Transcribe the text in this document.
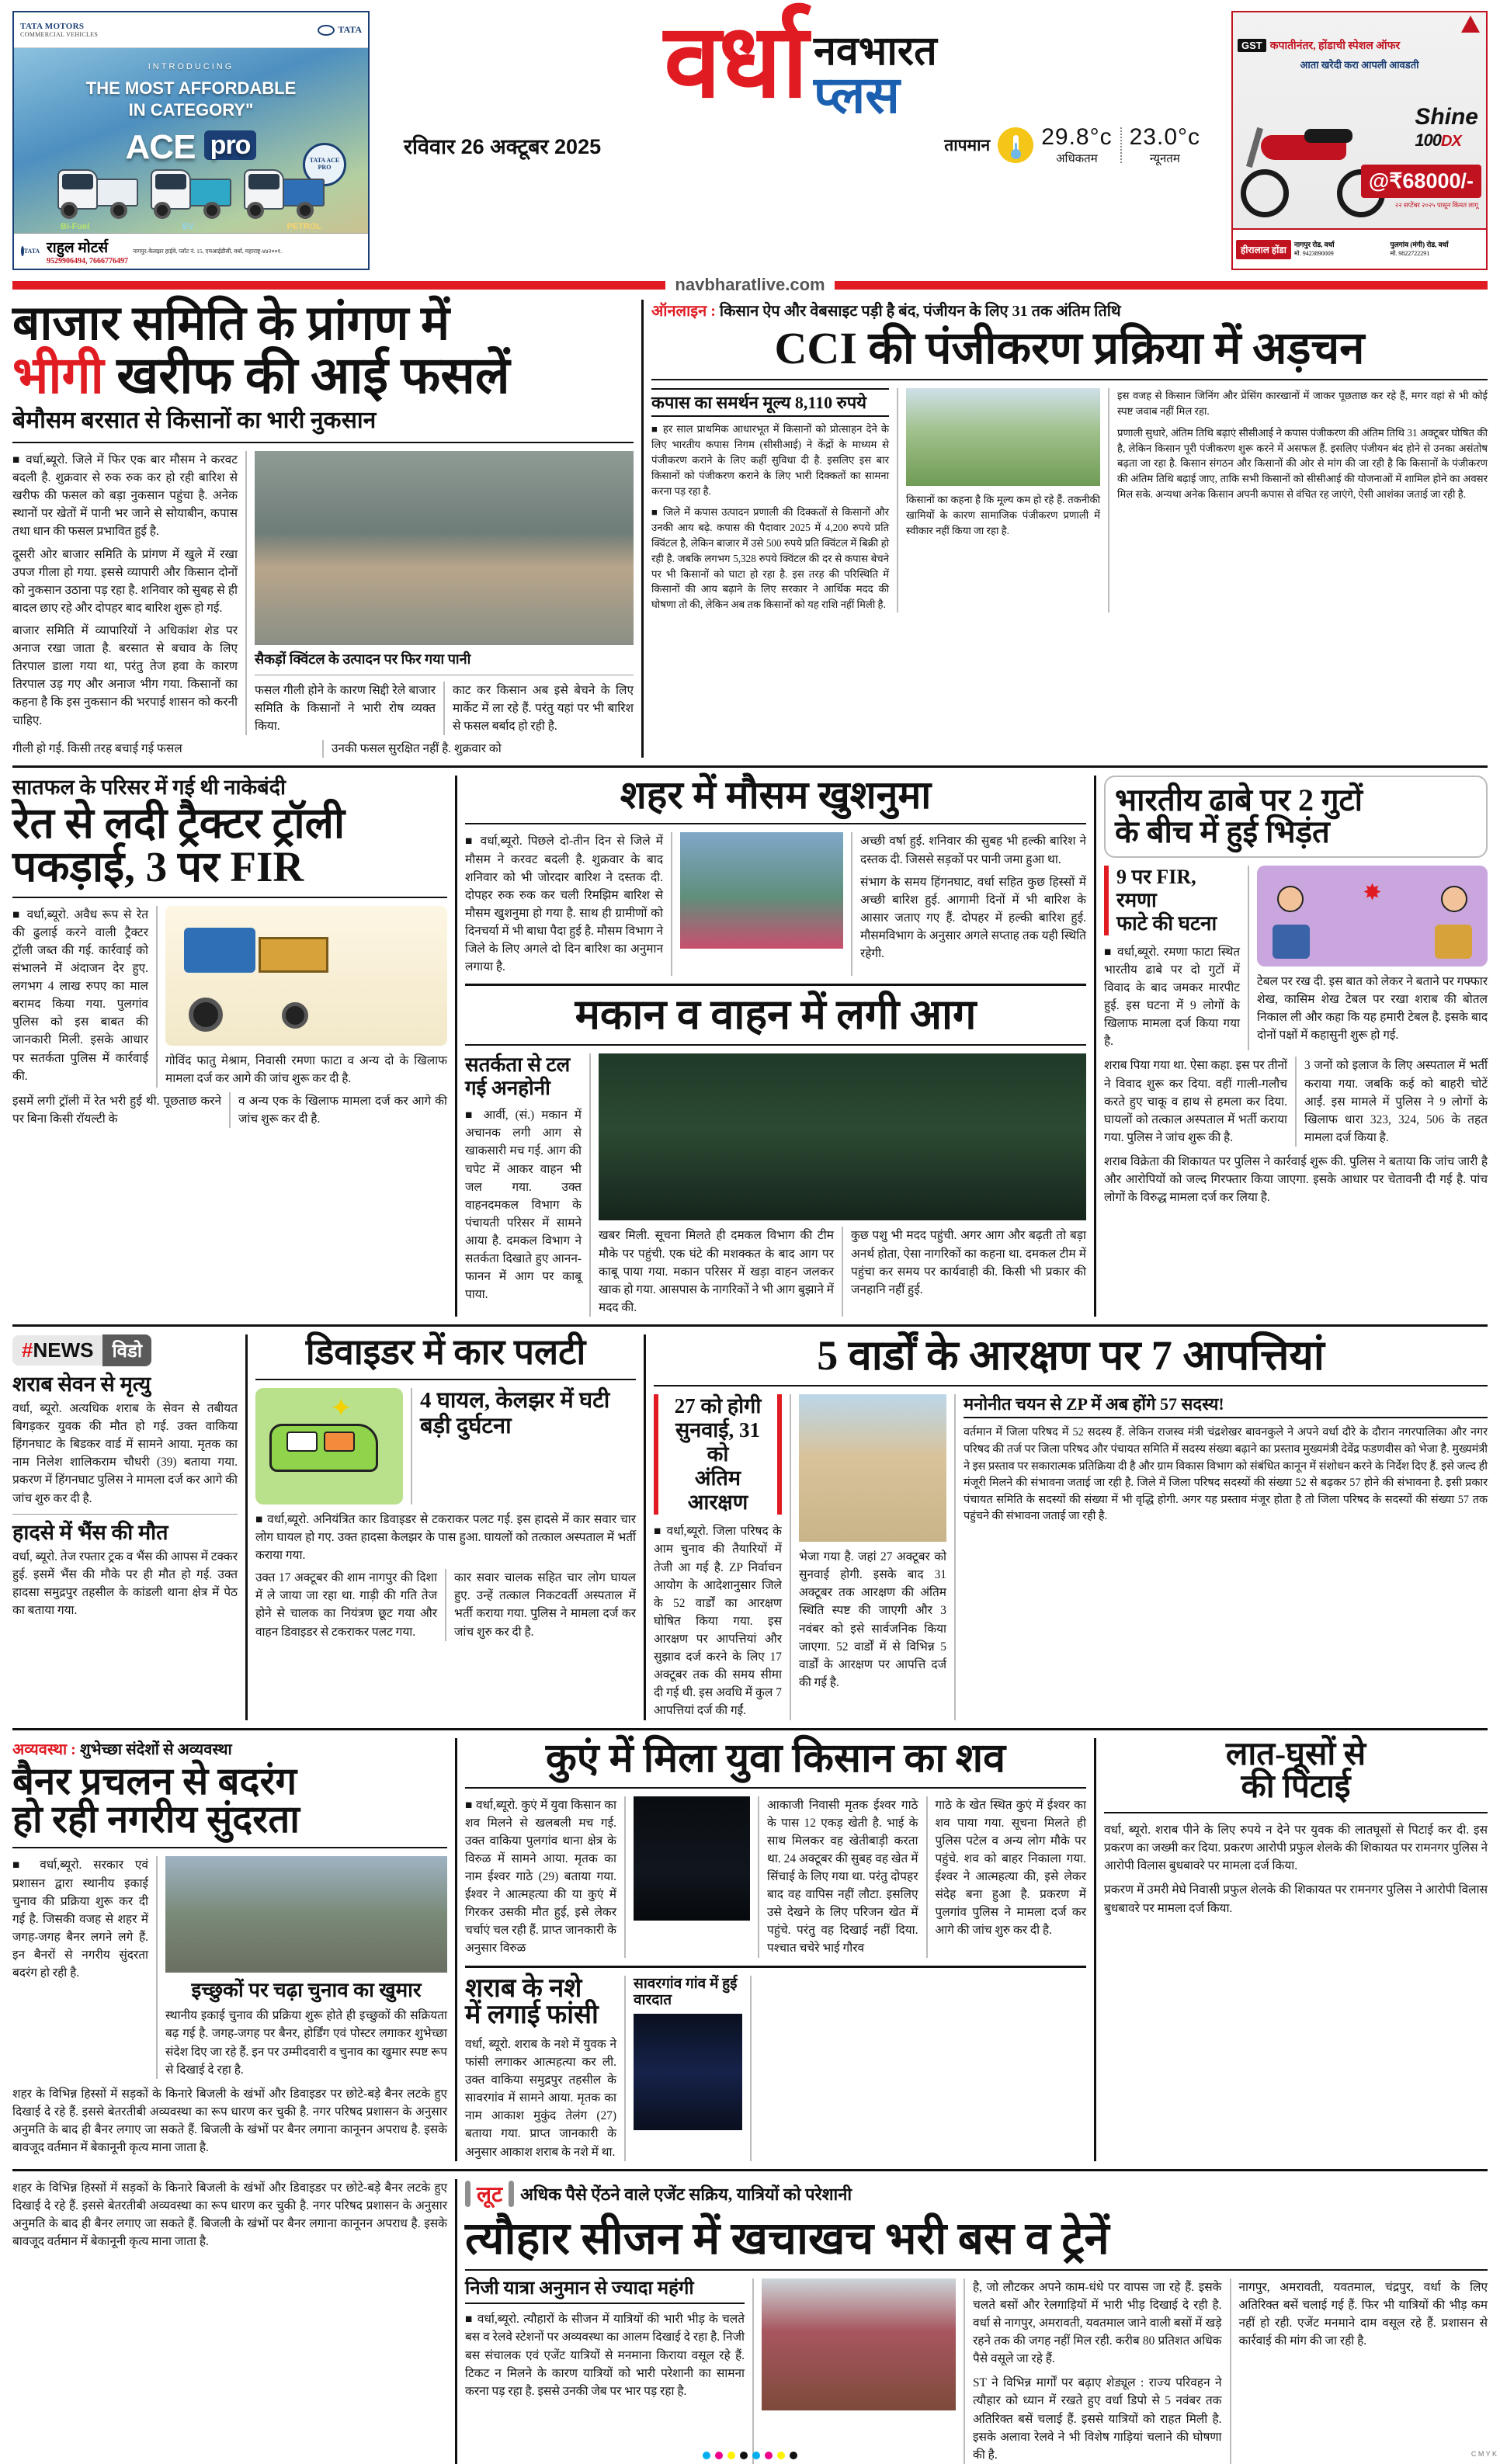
TATA MOTORS
COMMERCIAL VEHICLES	TATA
INTRODUCING
THE MOST AFFORDABLE
IN CATEGORY"
ACE pro
TATA ACE PRO
Bi-Fuel	EV	PETROL
TATA राहुल मोटर्स
9529906494, 7666776497
नागपुर-केलझर हाईवे, प्लॉट नं. 15, एमआईडीसी, वर्धा, महाराष्ट्र-४४२००१.
वर्धा नवभारत
प्लस
रविवार 26 अक्टूबर 2025	तापमान 29.8°c
अधिकतम
23.0°c
न्यूनतम
GST कपातीनंतर, होंडाची स्पेशल ऑफर
आता खरेदी करा आपली आवडती
Shine
100DX
@₹68000/-
२२ सप्टेंबर २०२५ पासून किंमत लागू
हीरालाल होंडा	नागपुर रोड, वर्धा
मो. 9423890009
पुलगांव (मंगी) रोड, वर्धा
मो. 9822722291
navbharatlive.com
बाजार समिति के प्रांगण में
भीगी खरीफ की आई फसलें
बेमौसम बरसात से किसानों का भारी नुकसान
■ वर्धा,ब्यूरो. जिले में फिर एक बार मौसम ने करवट बदली है. शुक्रवार से रुक रुक कर हो रही बारिश से खरीफ की फसल को बड़ा नुकसान पहुंचा है. अनेक स्थानों पर खेतों में पानी भर जाने से सोयाबीन, कपास तथा धान की फसल प्रभावित हुई है.
दूसरी ओर बाजार समिति के प्रांगण में खुले में रखा उपज गीला हो गया. इससे व्यापारी और किसान दोनों को नुकसान उठाना पड़ रहा है. शनिवार को सुबह से ही बादल छाए रहे और दोपहर बाद बारिश शुरू हो गई.
बाजार समिति में व्यापारियों ने अधिकांश शेड पर अनाज रखा जाता है. बरसात से बचाव के लिए तिरपाल डाला गया था, परंतु तेज हवा के कारण तिरपाल उड़ गए और अनाज भीग गया. किसानों का कहना है कि इस नुकसान की भरपाई शासन को करनी चाहिए.
सैकड़ों क्विंटल के उत्पादन पर फिर गया पानी
फसल गीली होने के कारण सिद्दी रेले बाजार समिति के किसानों ने भारी रोष व्यक्त किया.
काट कर किसान अब इसे बेचने के लिए मार्केट में ला रहे हैं. परंतु यहां पर भी बारिश से फसल बर्बाद हो रही है.
गीली हो गई. किसी तरह बचाई गई फसल	उनकी फसल सुरक्षित नहीं है. शुक्रवार को
ऑनलाइन : किसान ऐप और वेबसाइट पड़ी है बंद, पंजीयन के लिए 31 तक अंतिम तिथि
CCI की पंजीकरण प्रक्रिया में अड़चन
कपास का समर्थन मूल्य 8,110 रुपये
■ हर साल प्राथमिक आधारभूत में किसानों को प्रोत्साहन देने के लिए भारतीय कपास निगम (सीसीआई) ने केंद्रों के माध्यम से पंजीकरण कराने के लिए कहीं सुविधा दी है. इसलिए इस बार किसानों को पंजीकरण कराने के लिए भारी दिक्कतों का सामना करना पड़ रहा है.
■ जिले में कपास उत्पादन प्रणाली की दिक्कतों से किसानों और उनकी आय बढ़े. कपास की पैदावार 2025 में 4,200 रुपये प्रति क्विंटल है, लेकिन बाजार में उसे 500 रुपये प्रति क्विंटल में बिक्री हो रही है. जबकि लगभग 5,328 रुपये क्विंटल की दर से कपास बेचने पर भी किसानों को घाटा हो रहा है. इस तरह की परिस्थिति में किसानों की आय बढ़ाने के लिए सरकार ने आर्थिक मदद की घोषणा तो की, लेकिन अब तक किसानों को यह राशि नहीं मिली है.
किसानों का कहना है कि मूल्य कम हो रहे हैं. तकनीकी खामियों के कारण सामाजिक पंजीकरण प्रणाली में स्वीकार नहीं किया जा रहा है.
इस वजह से किसान जिनिंग और प्रेसिंग कारखानों में जाकर पूछताछ कर रहे हैं, मगर वहां से भी कोई स्पष्ट जवाब नहीं मिल रहा.
प्रणाली सुधारे, अंतिम तिथि बढ़ाएं सीसीआई ने कपास पंजीकरण की अंतिम तिथि 31 अक्टूबर घोषित की है, लेकिन किसान पूरी पंजीकरण शुरू करने में असफल हैं. इसलिए पंजीयन बंद होने से उनका असंतोष बढ़ता जा रहा है. किसान संगठन और किसानों की ओर से मांग की जा रही है कि किसानों के पंजीकरण की अंतिम तिथि बढ़ाई जाए, ताकि सभी किसानों को सीसीआई की योजनाओं में शामिल होने का अवसर मिल सके. अन्यथा अनेक किसान अपनी कपास से वंचित रह जाएंगे, ऐसी आशंका जताई जा रही है.
सातफल के परिसर में गई थी नाकेबंदी
रेत से लदी ट्रैक्टर ट्रॉली
पकड़ाई, 3 पर FIR
■ वर्धा,ब्यूरो. अवैध रूप से रेत की ढुलाई करने वाली ट्रैक्टर ट्रॉली जब्त की गई. कार्रवाई को संभालने में अंदाजन देर हुए. लगभग 4 लाख रुपए का माल बरामद किया गया. पुलगांव पुलिस को इस बाबत की जानकारी मिली. इसके आधार पर सतर्कता पुलिस में कार्रवाई की.
गोविंद फातु मेश्राम, निवासी रमणा फाटा व अन्य दो के खिलाफ मामला दर्ज कर आगे की जांच शुरू कर दी है.
इसमें लगी ट्रॉली में रेत भरी हुई थी. पूछताछ करने पर बिना किसी रॉयल्टी के
व अन्य एक के खिलाफ मामला दर्ज कर आगे की जांच शुरू कर दी है.
शहर में मौसम खुशनुमा
■ वर्धा,ब्यूरो. पिछले दो-तीन दिन से जिले में मौसम ने करवट बदली है. शुक्रवार के बाद शनिवार को भी जोरदार बारिश ने दस्तक दी. दोपहर रुक रुक कर चली रिमझिम बारिश से मौसम खुशनुमा हो गया है. साथ ही ग्रामीणों को दिनचर्या में भी बाधा पैदा हुई है. मौसम विभाग ने जिले के लिए अगले दो दिन बारिश का अनुमान लगाया है.
अच्छी वर्षा हुई. शनिवार की सुबह भी हल्की बारिश ने दस्तक दी. जिससे सड़कों पर पानी जमा हुआ था.
संभाग के समय हिंगनघाट, वर्धा सहित कुछ हिस्सों में अच्छी बारिश हुई. आगामी दिनों में भी बारिश के आसार जताए गए हैं. दोपहर में हल्की बारिश हुई. मौसमविभाग के अनुसार अगले सप्ताह तक यही स्थिति रहेगी.
मकान व वाहन में लगी आग
सतर्कता से टल गई अनहोनी
■ आर्वी, (सं.) मकान में अचानक लगी आग से खाकसारी मच गई. आग की चपेट में आकर वाहन भी जल गया. उक्त वाहनदमकल विभाग के पंचायती परिसर में सामने आया है. दमकल विभाग ने सतर्कता दिखाते हुए आनन-फानन में आग पर काबू पाया.
खबर मिली. सूचना मिलते ही दमकल विभाग की टीम मौके पर पहुंची. एक घंटे की मशक्कत के बाद आग पर काबू पाया गया. मकान परिसर में खड़ा वाहन जलकर खाक हो गया. आसपास के नागरिकों ने भी आग बुझाने में मदद की.
कुछ पशु भी मदद पहुंची. अगर आग और बढ़ती तो बड़ा अनर्थ होता, ऐसा नागरिकों का कहना था. दमकल टीम में पहुंचा कर समय पर कार्यवाही की. किसी भी प्रकार की जनहानि नहीं हुई.
भारतीय ढाबे पर 2 गुटों
के बीच में हुई भिड़ंत
9 पर FIR, रमणा
फाटे की घटना
■ वर्धा,ब्यूरो. रमणा फाटा स्थित भारतीय ढाबे पर दो गुटों में विवाद के बाद जमकर मारपीट हुई. इस घटना में 9 लोगों के खिलाफ मामला दर्ज किया गया है.
✸
टेबल पर रख दी. इस बात को लेकर ने बताने पर गफ्फार शेख, कासिम शेख टेबल पर रखा शराब की बोतल निकाल ली और कहा कि यह हमारी टेबल है. इसके बाद दोनों पक्षों में कहासुनी शुरू हो गई.
शराब पिया गया था. ऐसा कहा. इस पर तीनों ने विवाद शुरू कर दिया. वहीं गाली-गलौच करते हुए चाकू व हाथ से हमला कर दिया. घायलों को तत्काल अस्पताल में भर्ती कराया गया. पुलिस ने जांच शुरू की है.
3 जनों को इलाज के लिए अस्पताल में भर्ती कराया गया. जबकि कई को बाहरी चोटें आईं. इस मामले में पुलिस ने 9 लोगों के खिलाफ धारा 323, 324, 506 के तहत मामला दर्ज किया है.
शराब विक्रेता की शिकायत पर पुलिस ने कार्रवाई शुरू की. पुलिस ने बताया कि जांच जारी है और आरोपियों को जल्द गिरफ्तार किया जाएगा. इसके आधार पर चेतावनी दी गई है. पांच लोगों के विरुद्ध मामला दर्ज कर लिया है.
#NEWS	विडो
शराब सेवन से मृत्यु
वर्धा, ब्यूरो. अत्यधिक शराब के सेवन से तबीयत बिगड़कर युवक की मौत हो गई. उक्त वाकिया हिंगनघाट के बिडकर वार्ड में सामने आया. मृतक का नाम निलेश शालिकराम चौधरी (39) बताया गया. प्रकरण में हिंगनघाट पुलिस ने मामला दर्ज कर आगे की जांच शुरु कर दी है.
हादसे में भैंस की मौत
वर्धा, ब्यूरो. तेज रफ्तार ट्रक व भैंस की आपस में टक्कर हुई. इसमें भैंस की मौके पर ही मौत हो गई. उक्त हादसा समुद्रपुर तहसील के कांडली थाना क्षेत्र में पेठ का बताया गया.
डिवाइडर में कार पलटी
✦	4 घायल, केलझर में घटी बड़ी दुर्घटना
■ वर्धा,ब्यूरो. अनियंत्रित कार डिवाइडर से टकराकर पलट गई. इस हादसे में कार सवार चार लोग घायल हो गए. उक्त हादसा केलझर के पास हुआ. घायलों को तत्काल अस्पताल में भर्ती कराया गया.
उक्त 17 अक्टूबर की शाम नागपुर की दिशा में ले जाया जा रहा था. गाड़ी की गति तेज होने से चालक का नियंत्रण छूट गया और वाहन डिवाइडर से टकराकर पलट गया.
कार सवार चालक सहित चार लोग घायल हुए. उन्हें तत्काल निकटवर्ती अस्पताल में भर्ती कराया गया. पुलिस ने मामला दर्ज कर जांच शुरु कर दी है.
5 वार्डों के आरक्षण पर 7 आपत्तियां
27 को होगी
सुनवाई, 31 को
अंतिम आरक्षण
■ वर्धा,ब्यूरो. जिला परिषद के आम चुनाव की तैयारियों में तेजी आ गई है. ZP निर्वाचन आयोग के आदेशानुसार जिले के 52 वार्डों का आरक्षण घोषित किया गया. इस आरक्षण पर आपत्तियां और सुझाव दर्ज करने के लिए 17 अक्टूबर तक की समय सीमा दी गई थी. इस अवधि में कुल 7 आपत्तियां दर्ज की गईं.
भेजा गया है. जहां 27 अक्टूबर को सुनवाई होगी. इसके बाद 31 अक्टूबर तक आरक्षण की अंतिम स्थिति स्पष्ट की जाएगी और 3 नवंबर को इसे सार्वजनिक किया जाएगा. 52 वार्डों में से विभिन्न 5 वार्डों के आरक्षण पर आपत्ति दर्ज की गई है.
मनोनीत चयन से ZP में अब होंगे 57 सदस्य!
वर्तमान में जिला परिषद में 52 सदस्य हैं. लेकिन राजस्व मंत्री चंद्रशेखर बावनकुले ने अपने वर्धा दौरे के दौरान नगरपालिका और नगर परिषद की तर्ज पर जिला परिषद और पंचायत समिति में सदस्य संख्या बढ़ाने का प्रस्ताव मुख्यमंत्री देवेंद्र फडणवीस को भेजा है. मुख्यमंत्री ने इस प्रस्ताव पर सकारात्मक प्रतिक्रिया दी है और ग्राम विकास विभाग को संबंधित कानून में संशोधन करने के निर्देश दिए हैं. इसे जल्द ही मंजूरी मिलने की संभावना जताई जा रही है. जिले में जिला परिषद सदस्यों की संख्या 52 से बढ़कर 57 होने की संभावना है. इसी प्रकार पंचायत समिति के सदस्यों की संख्या में भी वृद्धि होगी. अगर यह प्रस्ताव मंजूर होता है तो जिला परिषद के सदस्यों की संख्या 57 तक पहुंचने की संभावना जताई जा रही है.
अव्यवस्था : शुभेच्छा संदेशों से अव्यवस्था
बैनर प्रचलन से बदरंग
हो रही नगरीय सुंदरता
■ वर्धा,ब्यूरो. सरकार एवं प्रशासन द्वारा स्थानीय इकाई चुनाव की प्रक्रिया शुरू कर दी गई है. जिसकी वजह से शहर में जगह-जगह बैनर लगने लगे हैं. इन बैनरों से नगरीय सुंदरता बदरंग हो रही है.
इच्छुकों पर चढ़ा चुनाव का खुमार
स्थानीय इकाई चुनाव की प्रक्रिया शुरू होते ही इच्छुकों की सक्रियता बढ़ गई है. जगह-जगह पर बैनर, होर्डिंग एवं पोस्टर लगाकर शुभेच्छा संदेश दिए जा रहे हैं. इन पर उम्मीदवारी व चुनाव का खुमार स्पष्ट रूप से दिखाई दे रहा है.
शहर के विभिन्न हिस्सों में सड़कों के किनारे बिजली के खंभों और डिवाइडर पर छोटे-बड़े बैनर लटके हुए दिखाई दे रहे हैं. इससे बेतरतीबी अव्यवस्था का रूप धारण कर चुकी है. नगर परिषद प्रशासन के अनुसार अनुमति के बाद ही बैनर लगाए जा सकते हैं. बिजली के खंभों पर बैनर लगाना कानूनन अपराध है. इसके बावजूद वर्तमान में बेकानूनी कृत्य माना जाता है.
कुएं में मिला युवा किसान का शव
■ वर्धा,ब्यूरो. कुएं में युवा किसान का शव मिलने से खलबली मच गई. उक्त वाकिया पुलगांव थाना क्षेत्र के विरुळ में सामने आया. मृतक का नाम ईश्वर गाठे (29) बताया गया. ईश्वर ने आत्महत्या की या कुएं में गिरकर उसकी मौत हुई, इसे लेकर चर्चाएं चल रही हैं. प्राप्त जानकारी के अनुसार विरुळ
आकाजी निवासी मृतक ईश्वर गाठे के पास 12 एकड़ खेती है. भाई के साथ मिलकर वह खेतीबाड़ी करता था. 24 अक्टूबर की सुबह वह खेत में सिंचाई के लिए गया था. परंतु दोपहर बाद वह वापिस नहीं लौटा. इसलिए उसे देखने के लिए परिजन खेत में पहुंचे. परंतु वह दिखाई नहीं दिया. पश्चात चचेरे भाई गौरव
गाठे के खेत स्थित कुएं में ईश्वर का शव पाया गया. सूचना मिलते ही पुलिस पटेल व अन्य लोग मौके पर पहुंचे. शव को बाहर निकाला गया. ईश्वर ने आत्महत्या की, इसे लेकर संदेह बना हुआ है. प्रकरण में पुलगांव पुलिस ने मामला दर्ज कर आगे की जांच शुरु कर दी है.
शराब के नशे
में लगाई फांसी
वर्धा, ब्यूरो. शराब के नशे में युवक ने फांसी लगाकर आत्महत्या कर ली. उक्त वाकिया समुद्रपुर तहसील के सावरगांव में सामने आया. मृतक का नाम आकाश मुकुंद तेलंग (27) बताया गया. प्राप्त जानकारी के अनुसार आकाश शराब के नशे में था.
सावरगांव गांव में हुई वारदात
लात-घूसों से
की पिटाई
वर्धा, ब्यूरो. शराब पीने के लिए रुपये न देने पर युवक की लातघूसों से पिटाई कर दी. इस प्रकरण का जख्मी कर दिया. प्रकरण आरोपी प्रफुल शेलके की शिकायत पर रामनगर पुलिस ने आरोपी विलास बुधबावरे पर मामला दर्ज किया.
प्रकरण में उमरी मेघे निवासी प्रफुल शेलके की शिकायत पर रामनगर पुलिस ने आरोपी विलास बुधबावरे पर मामला दर्ज किया.
शहर के विभिन्न हिस्सों में सड़कों के किनारे बिजली के खंभों और डिवाइडर पर छोटे-बड़े बैनर लटके हुए दिखाई दे रहे हैं. इससे बेतरतीबी अव्यवस्था का रूप धारण कर चुकी है. नगर परिषद प्रशासन के अनुसार अनुमति के बाद ही बैनर लगाए जा सकते हैं. बिजली के खंभों पर बैनर लगाना कानूनन अपराध है. इसके बावजूद वर्तमान में बेकानूनी कृत्य माना जाता है.
लूट अधिक पैसे ऐंठने वाले एजेंट सक्रिय, यात्रियों को परेशानी
त्यौहार सीजन में खचाखच भरी बस व ट्रेनें
निजी यात्रा अनुमान से ज्यादा महंगी
■ वर्धा,ब्यूरो. त्यौहारों के सीजन में यात्रियों की भारी भीड़ के चलते बस व रेलवे स्टेशनों पर अव्यवस्था का आलम दिखाई दे रहा है. निजी बस संचालक एवं एजेंट यात्रियों से मनमाना किराया वसूल रहे हैं. टिकट न मिलने के कारण यात्रियों को भारी परेशानी का सामना करना पड़ रहा है. इससे उनकी जेब पर भार पड़ रहा है.
है, जो लौटकर अपने काम-धंधे पर वापस जा रहे हैं. इसके चलते बसों और रेलगाड़ियों में भारी भीड़ दिखाई दे रही है. वर्धा से नागपुर, अमरावती, यवतमाल जाने वाली बसों में खड़े रहने तक की जगह नहीं मिल रही. करीब 80 प्रतिशत अधिक पैसे वसूले जा रहे हैं.
ST ने विभिन्न मार्गों पर बढ़ाए शेड्यूल : राज्य परिवहन ने त्यौहार को ध्यान में रखते हुए वर्धा डिपो से 5 नवंबर तक अतिरिक्त बसें चलाई हैं. इससे यात्रियों को राहत मिली है. इसके अलावा रेलवे ने भी विशेष गाड़ियां चलाने की घोषणा की है.
नागपुर, अमरावती, यवतमाल, चंद्रपुर, वर्धा के लिए अतिरिक्त बसें चलाई गई हैं. फिर भी यात्रियों की भीड़ कम नहीं हो रही. एजेंट मनमाने दाम वसूल रहे हैं. प्रशासन से कार्रवाई की मांग की जा रही है.
C M Y K
